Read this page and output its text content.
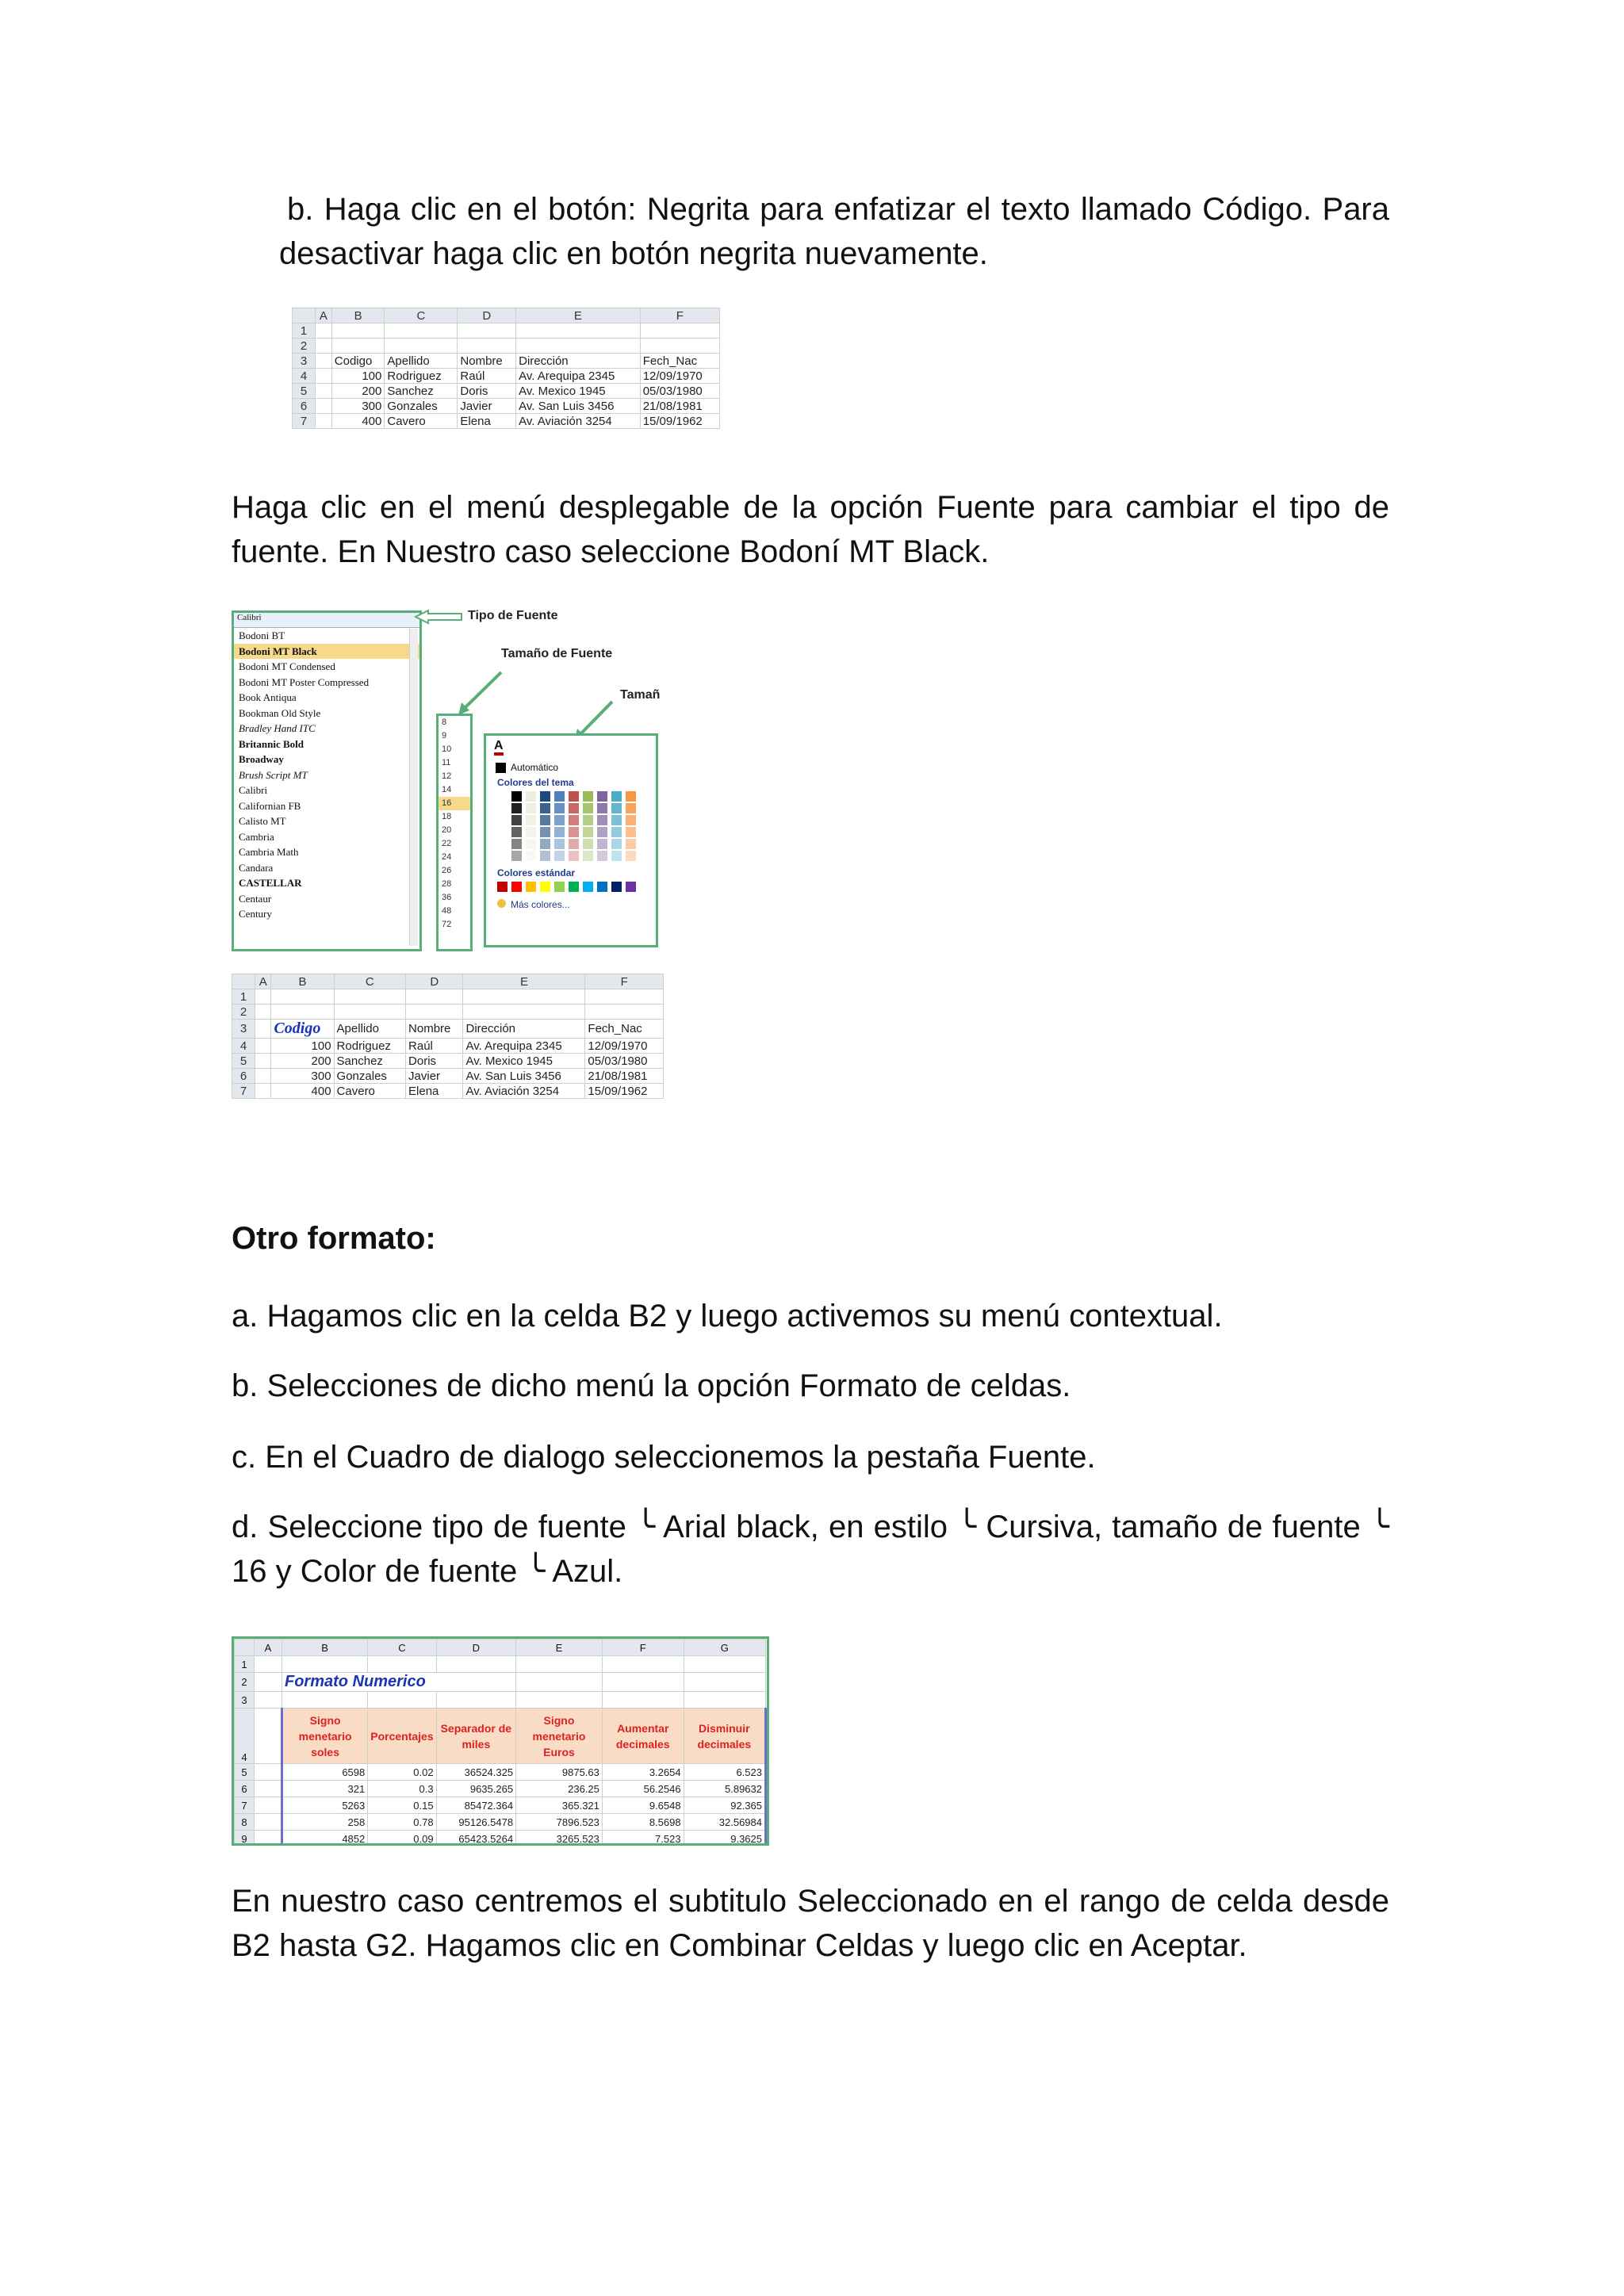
b. Haga clic en el botón: Negrita para enfatizar el texto llamado Código. Para desactivar haga clic en botón negrita nuevamente.

	A	B	C	D	E	F
1						
2						
3		Codigo	Apellido	Nombre	Dirección	Fech_Nac
4		100	Rodriguez	Raúl	Av. Arequipa 2345	12/09/1970
5		200	Sanchez	Doris	Av. Mexico 1945	05/03/1980
6		300	Gonzales	Javier	Av. San Luis 3456	21/08/1981
7		400	Cavero	Elena	Av. Aviación 3254	15/09/1962

Haga clic en el menú desplegable de la opción Fuente para cambiar el tipo de fuente. En Nuestro caso seleccione Bodoní MT Black.

Calibri
Bodoni BT
Bodoni MT Black
Bodoni MT Condensed
Bodoni MT Poster Compressed
Book Antiqua
Bookman Old Style
Bradley Hand ITC
Britannic Bold
Broadway
Brush Script MT
Calibri
Californian FB
Calisto MT
Cambria
Cambria Math
Candara
CASTELLAR
Centaur
Century
Tipo de Fuente
Tamaño de Fuente
Tamañ
8
9
10
11
12
14
16
18
20
22
24
26
28
36
48
72
A
Automático
Colores del tema
Colores estándar
Más colores...
	A	B	C	D	E	F
1						
2						
3		Codigo	Apellido	Nombre	Dirección	Fech_Nac
4		100	Rodriguez	Raúl	Av. Arequipa 2345	12/09/1970
5		200	Sanchez	Doris	Av. Mexico 1945	05/03/1980
6		300	Gonzales	Javier	Av. San Luis 3456	21/08/1981
7		400	Cavero	Elena	Av. Aviación 3254	15/09/1962
Otro formato:

a. Hagamos clic en la celda B2 y luego activemos su menú contextual.

b. Selecciones de dicho menú la opción Formato de celdas.

c. En el Cuadro de dialogo seleccionemos la pestaña Fuente.

d. Seleccione tipo de fuente ╰ Arial black, en estilo ╰ Cursiva, tamaño de fuente ╰ 16 y Color de fuente ╰ Azul.

	A	B	C	D	E	F	G
1							
2		Formato Numerico					
3							
4		Signo menetario soles	Porcentajes	Separador de miles	Signo menetario Euros	Aumentar decimales	Disminuir decimales
5		6598	0.02	36524.325	9875.63	3.2654	6.523
6		321	0.3	9635.265	236.25	56.2546	5.89632
7		5263	0.15	85472.364	365.321	9.6548	92.365
8		258	0.78	95126.5478	7896.523	8.5698	32.56984
9		4852	0.09	65423.5264	3265.523	7.523	9.3625

En nuestro caso centremos el subtitulo Seleccionado en el rango de celda desde B2 hasta G2. Hagamos clic en Combinar Celdas y luego clic en Aceptar.
